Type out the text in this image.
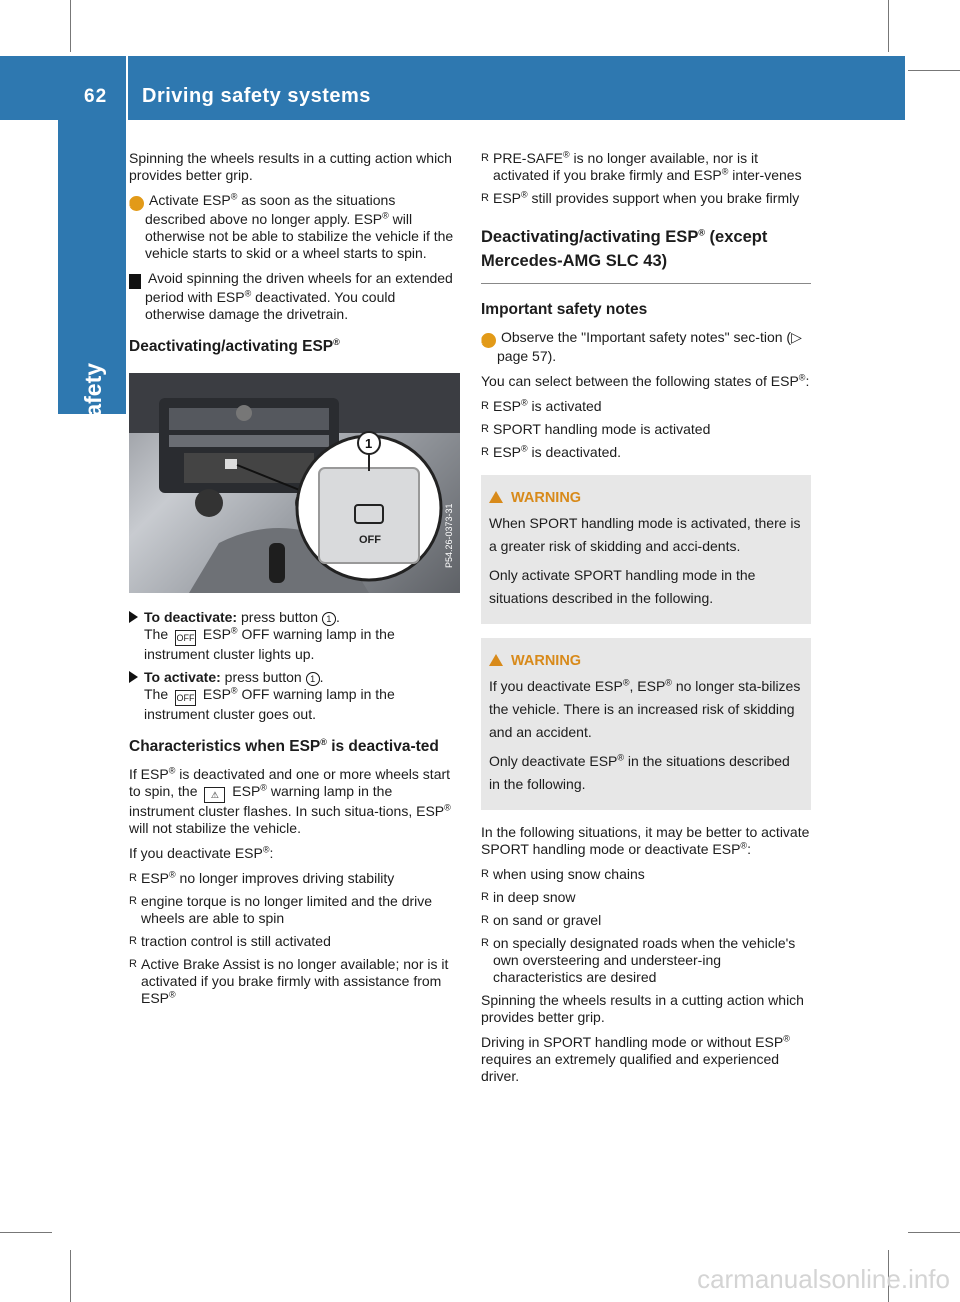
62 Driving safety systems
Safety

Spinning the wheels results in a cutting action which provides better grip.

i Activate ESP® as soon as the situations described above no longer apply. ESP® will otherwise not be able to stabilize the vehicle if the vehicle starts to skid or a wheel starts to spin.

! Avoid spinning the driven wheels for an extended period with ESP® deactivated. You could otherwise damage the drivetrain.

Deactivating/activating ESP®
1
OFF	P54.26-0373-31
To deactivate: press button 1 .
The OFF ESP® OFF warning lamp in the instrument cluster lights up.
To activate: press button 1 .
The OFF ESP® OFF warning lamp in the instrument cluster goes out.
Characteristics when ESP® is deactiva-ted

If ESP® is deactivated and one or more wheels start to spin, the ⚠ ESP® warning lamp in the instrument cluster flashes. In such situa-tions, ESP® will not stabilize the vehicle.

If you deactivate ESP®:

R ESP® no longer improves driving stability
R engine torque is no longer limited and the drive wheels are able to spin
R traction control is still activated
R Active Brake Assist is no longer available; nor is it activated if you brake firmly with assistance from ESP®
R PRE-SAFE® is no longer available, nor is it activated if you brake firmly and ESP® inter-venes
R ESP® still provides support when you brake firmly
Deactivating/activating ESP® (except Mercedes-AMG SLC 43)
Important safety notes

i Observe the "Important safety notes" sec-tion (▷ page 57).

You can select between the following states of ESP®:

R ESP® is activated
R SPORT handling mode is activated
R ESP® is deactivated.
WARNING

When SPORT handling mode is activated, there is a greater risk of skidding and acci-dents.

Only activate SPORT handling mode in the situations described in the following.

WARNING

If you deactivate ESP®, ESP® no longer sta-bilizes the vehicle. There is an increased risk of skidding and an accident.

Only deactivate ESP® in the situations described in the following.

In the following situations, it may be better to activate SPORT handling mode or deactivate ESP®:

R when using snow chains
R in deep snow
R on sand or gravel
R on specially designated roads when the vehicle's own oversteering and understeer-ing characteristics are desired

Spinning the wheels results in a cutting action which provides better grip.

Driving in SPORT handling mode or without ESP® requires an extremely qualified and experienced driver.

carmanualsonline.info
